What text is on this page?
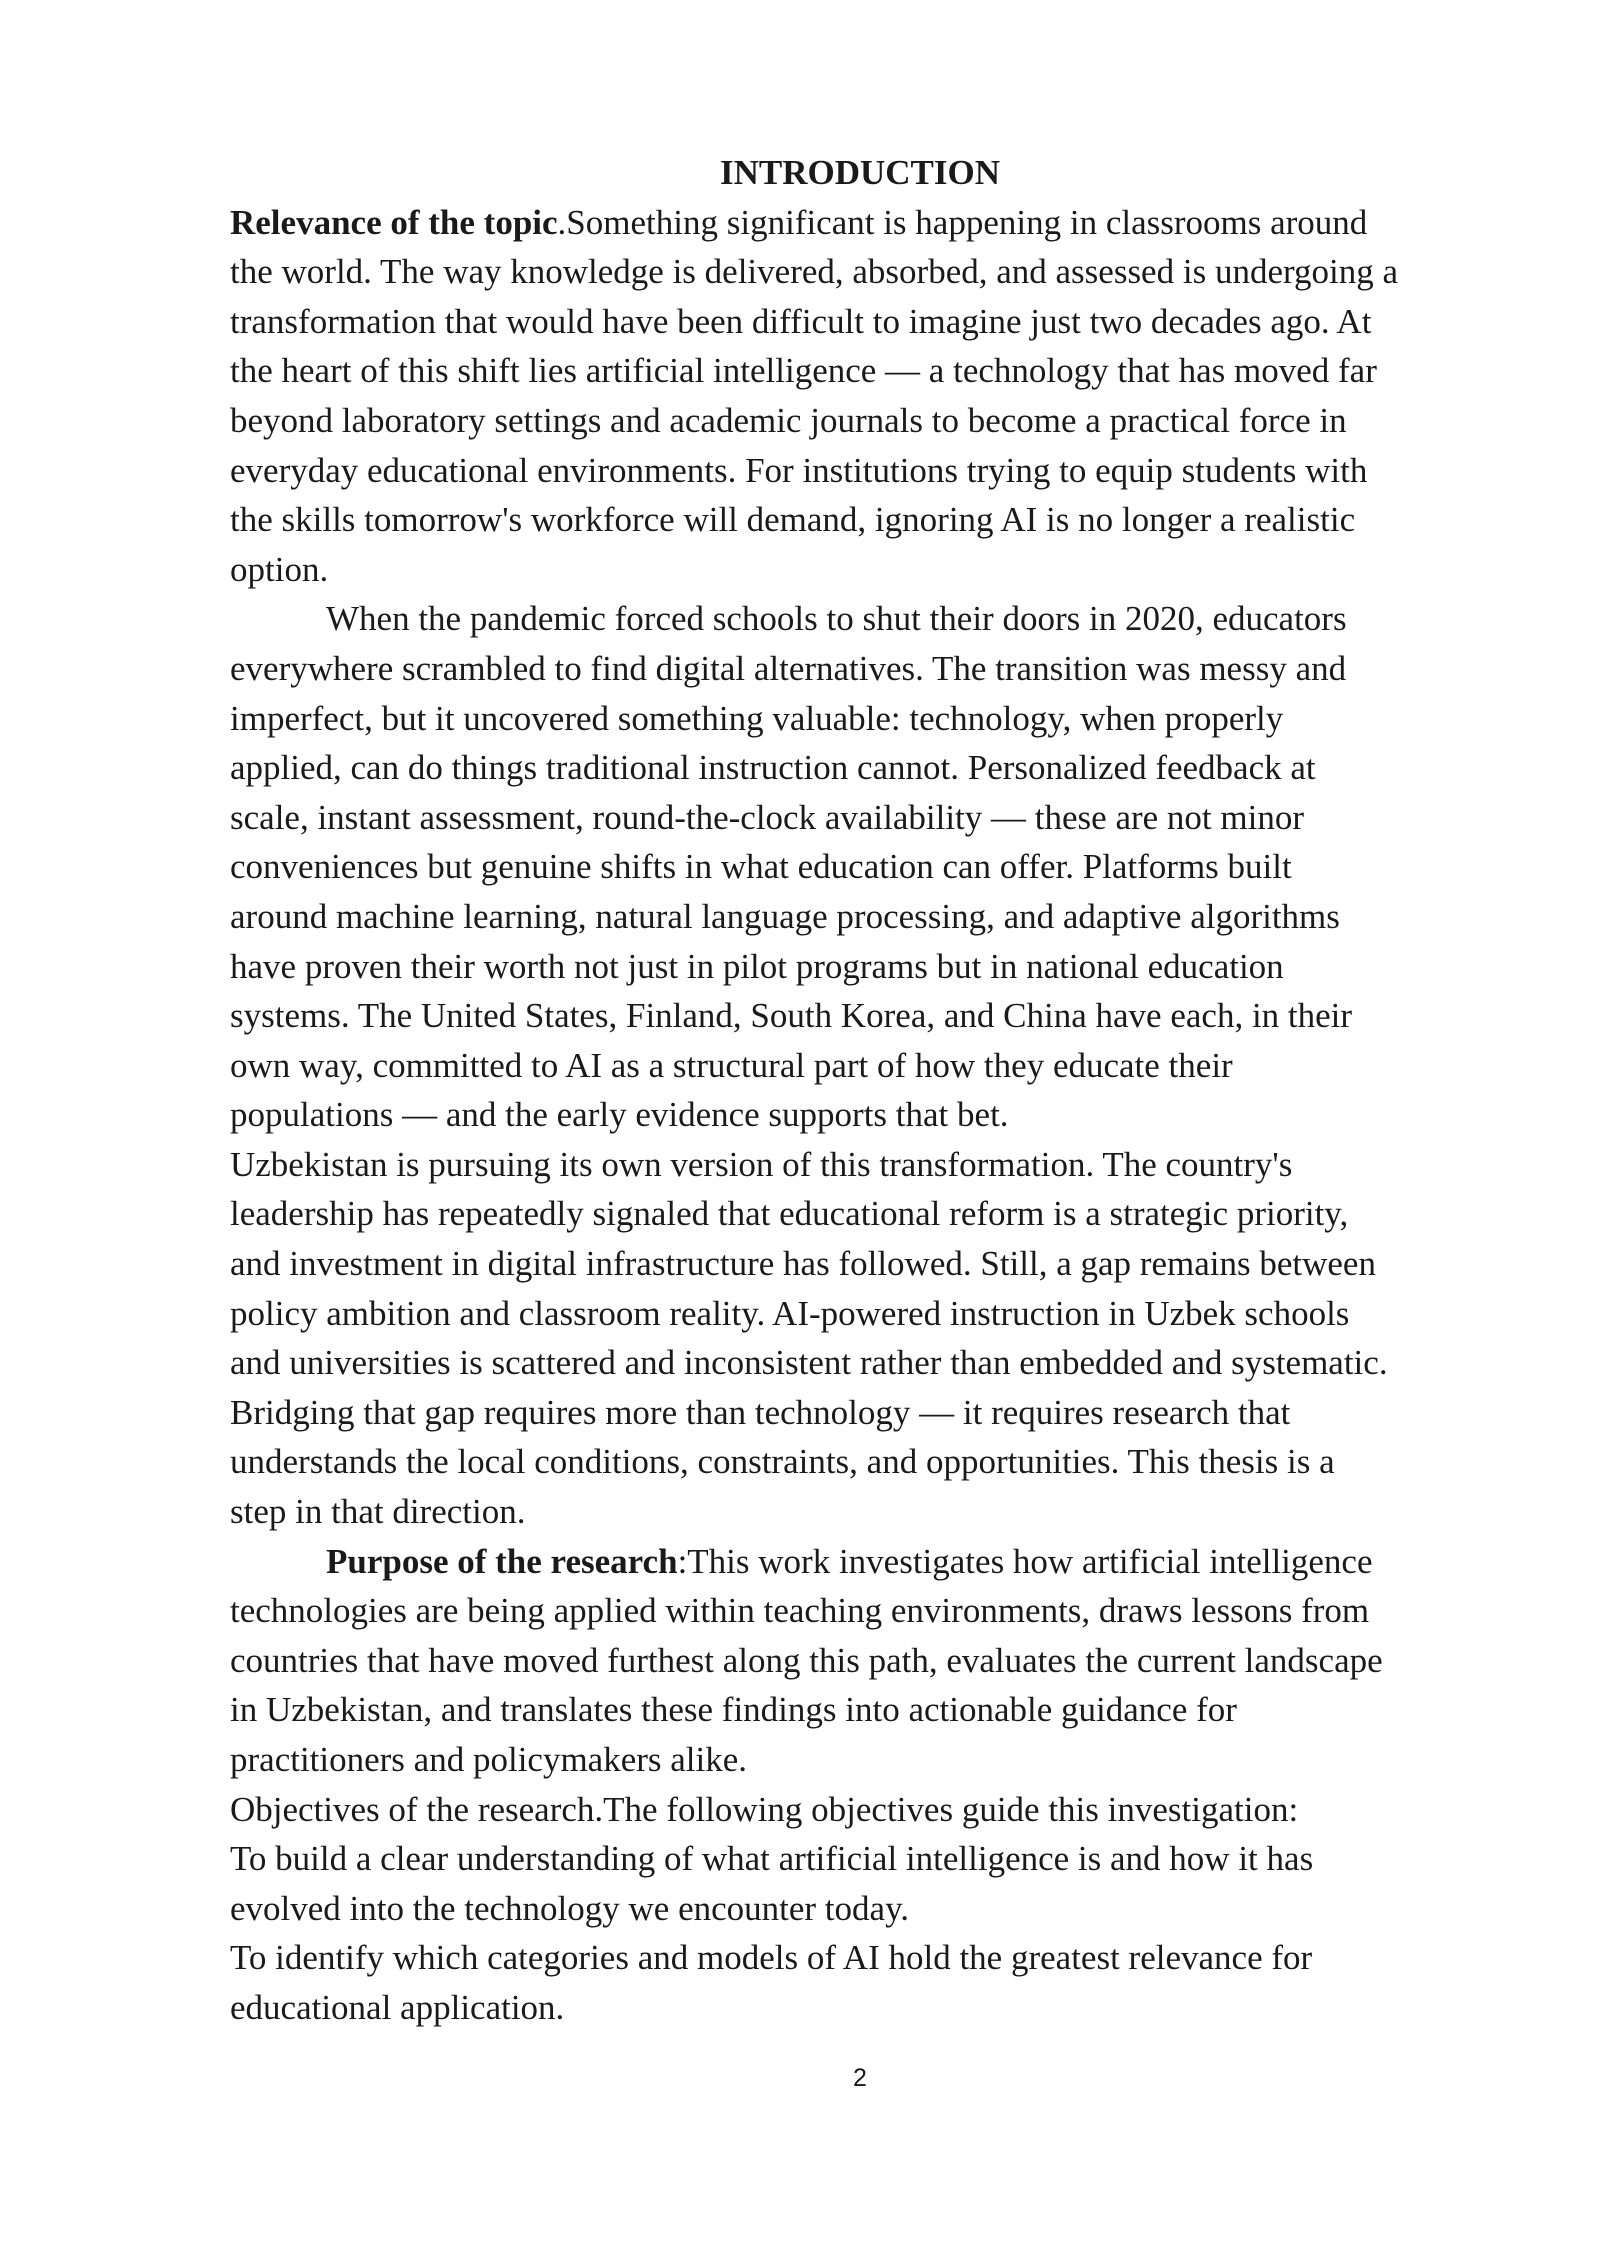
INTRODUCTION
Relevance of the topic.Something significant is happening in classrooms around
the world. The way knowledge is delivered, absorbed, and assessed is undergoing a
transformation that would have been difficult to imagine just two decades ago. At
the heart of this shift lies artificial intelligence — a technology that has moved far
beyond laboratory settings and academic journals to become a practical force in
everyday educational environments. For institutions trying to equip students with
the skills tomorrow's workforce will demand, ignoring AI is no longer a realistic
option.
When the pandemic forced schools to shut their doors in 2020, educators
everywhere scrambled to find digital alternatives. The transition was messy and
imperfect, but it uncovered something valuable: technology, when properly
applied, can do things traditional instruction cannot. Personalized feedback at
scale, instant assessment, round-the-clock availability — these are not minor
conveniences but genuine shifts in what education can offer. Platforms built
around machine learning, natural language processing, and adaptive algorithms
have proven their worth not just in pilot programs but in national education
systems. The United States, Finland, South Korea, and China have each, in their
own way, committed to AI as a structural part of how they educate their
populations — and the early evidence supports that bet.
Uzbekistan is pursuing its own version of this transformation. The country's
leadership has repeatedly signaled that educational reform is a strategic priority,
and investment in digital infrastructure has followed. Still, a gap remains between
policy ambition and classroom reality. AI-powered instruction in Uzbek schools
and universities is scattered and inconsistent rather than embedded and systematic.
Bridging that gap requires more than technology — it requires research that
understands the local conditions, constraints, and opportunities. This thesis is a
step in that direction.
Purpose of the research:This work investigates how artificial intelligence
technologies are being applied within teaching environments, draws lessons from
countries that have moved furthest along this path, evaluates the current landscape
in Uzbekistan, and translates these findings into actionable guidance for
practitioners and policymakers alike.
Objectives of the research.The following objectives guide this investigation:
To build a clear understanding of what artificial intelligence is and how it has
evolved into the technology we encounter today.
To identify which categories and models of AI hold the greatest relevance for
educational application.
2
